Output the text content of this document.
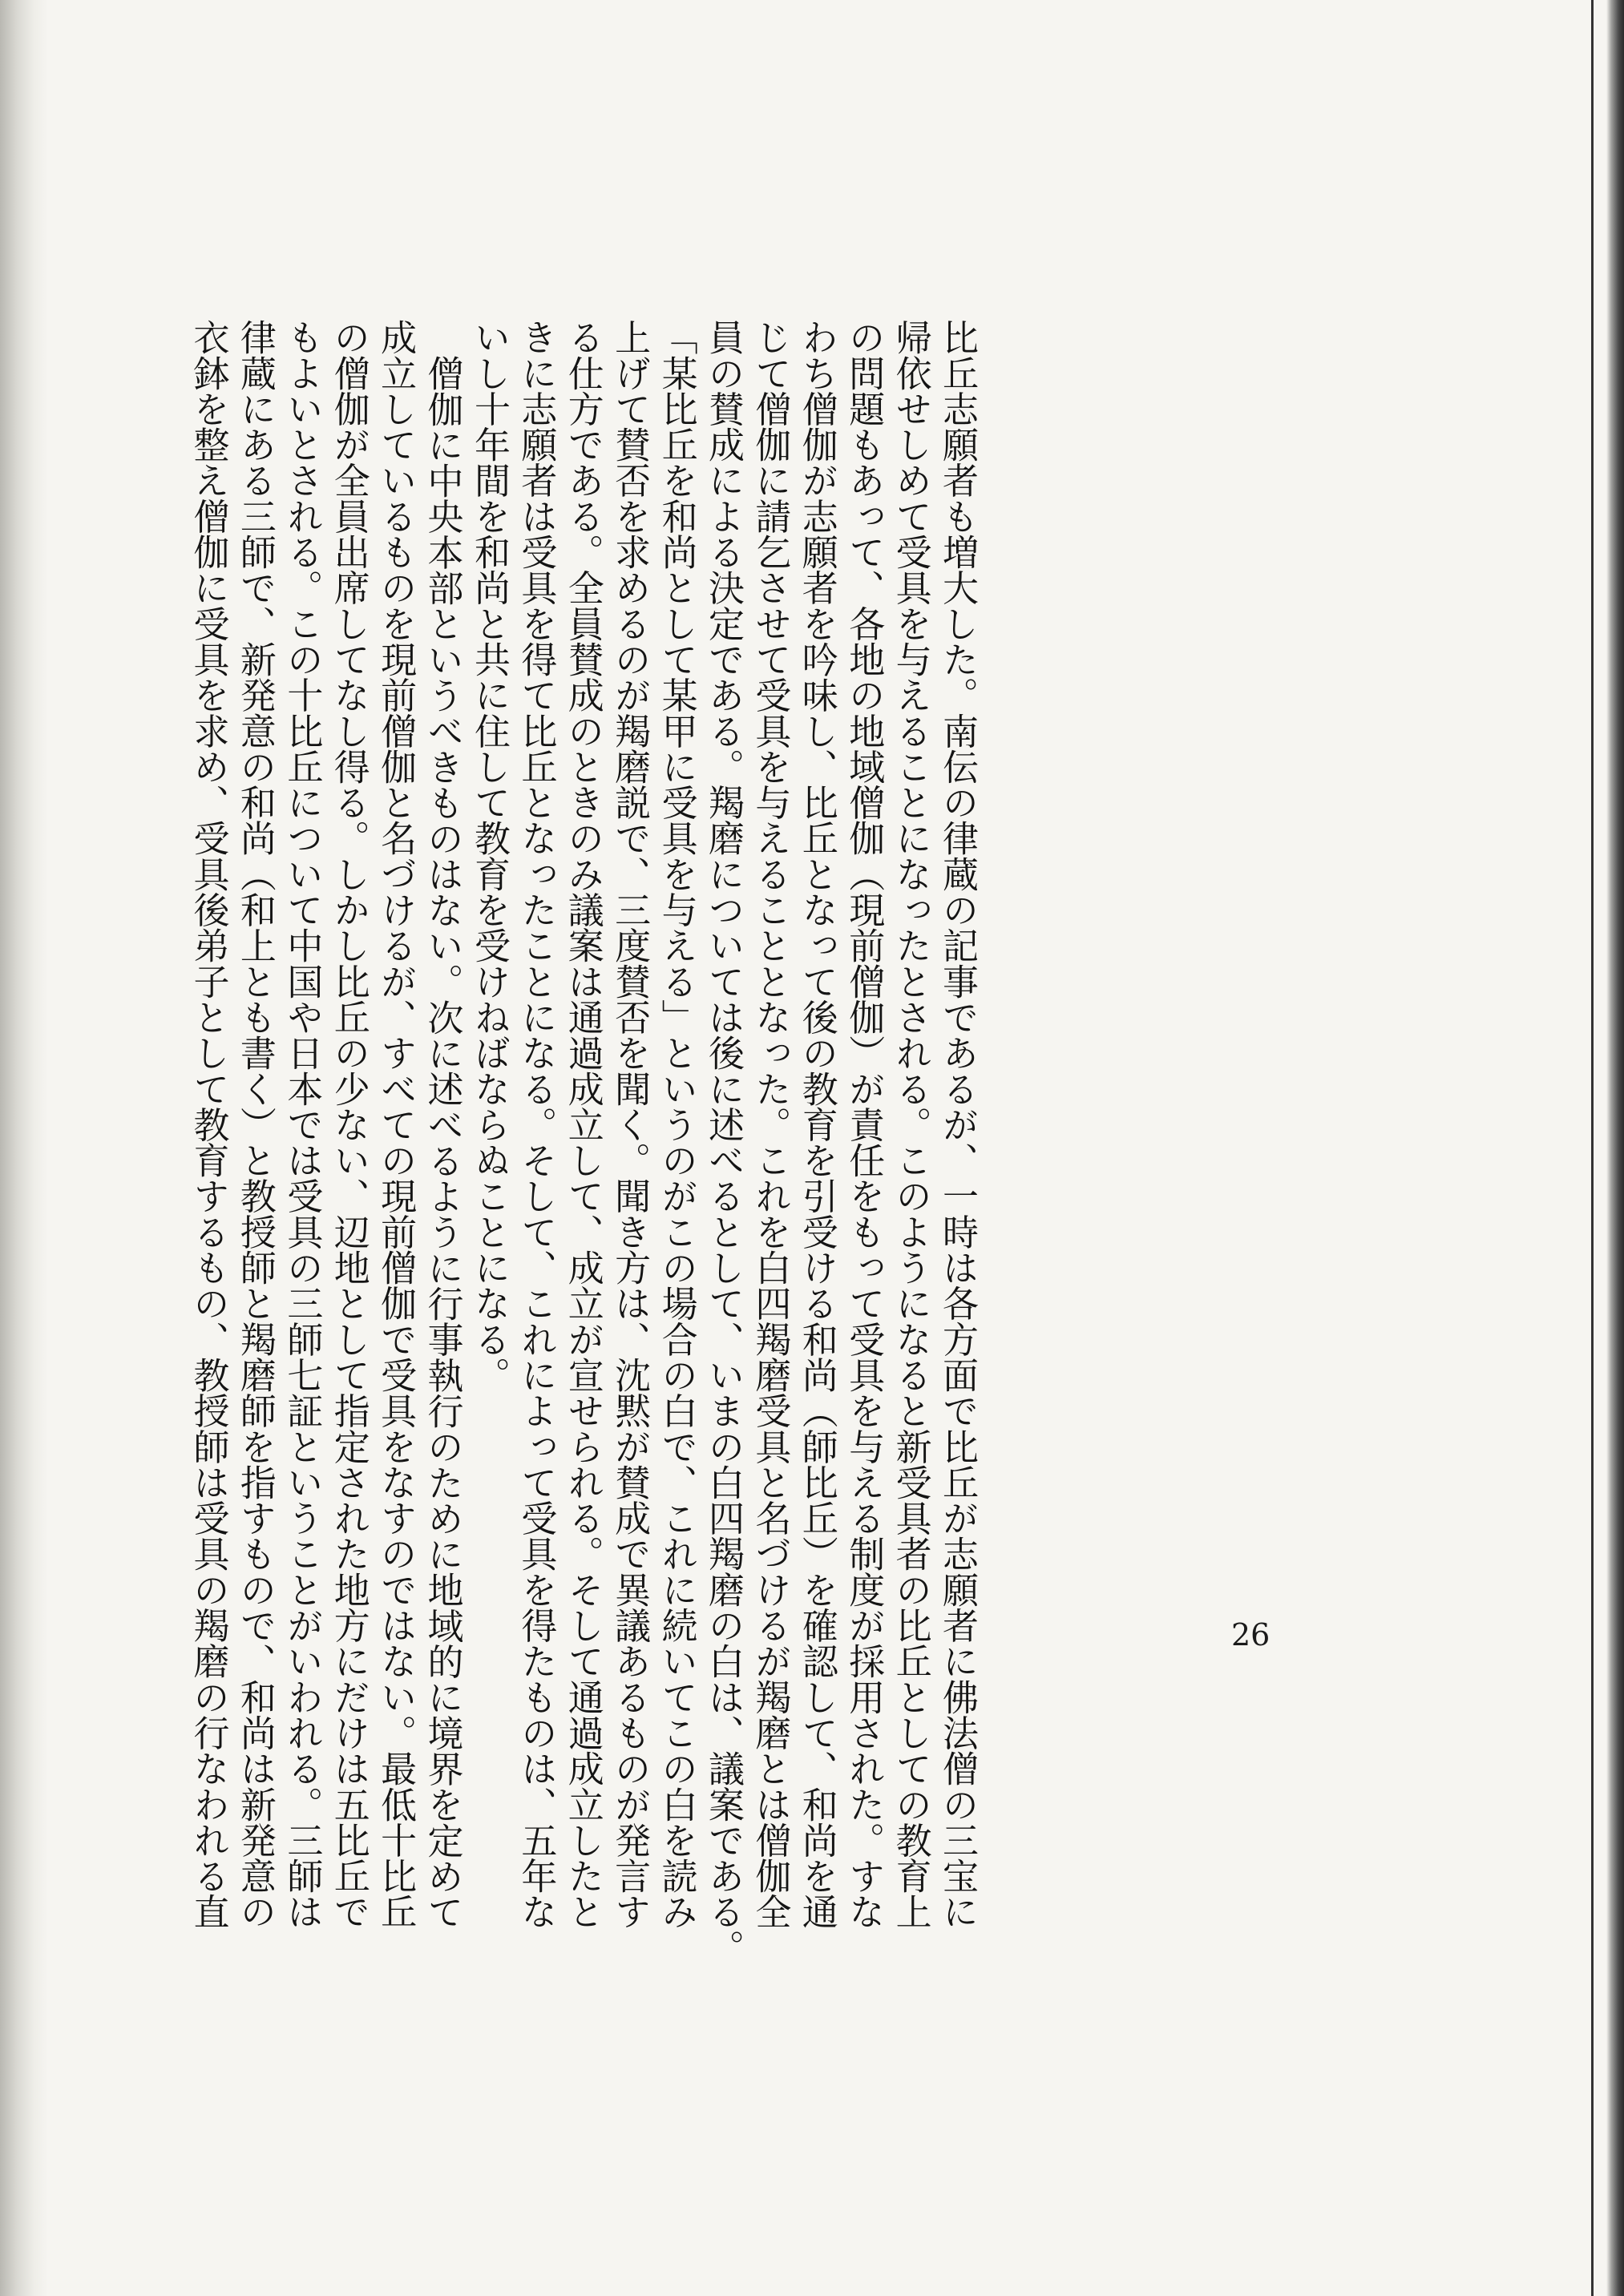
比丘志願者も増大した。南伝の律蔵の記事であるが、一時は各方面で比丘が志願者に佛法僧の三宝に
帰依せしめて受具を与えることになったとされる。このようになると新受具者の比丘としての教育上
の問題もあって、各地の地域僧伽（現前僧伽）が責任をもって受具を与える制度が採用された。すな
わち僧伽が志願者を吟味し、比丘となって後の教育を引受ける和尚（師比丘）を確認して、和尚を通
じて僧伽に請乞させて受具を与えることとなった。これを白四羯磨受具と名づけるが羯磨とは僧伽全
員の賛成による決定である。羯磨については後に述べるとして、いまの白四羯磨の白は、議案である。
「某比丘を和尚として某甲に受具を与える」というのがこの場合の白で、これに続いてこの白を読み
上げて賛否を求めるのが羯磨説で、三度賛否を聞く。聞き方は、沈黙が賛成で異議あるものが発言す
る仕方である。全員賛成のときのみ議案は通過成立して、成立が宣せられる。そして通過成立したと
きに志願者は受具を得て比丘となったことになる。そして、これによって受具を得たものは、五年な
いし十年間を和尚と共に住して教育を受けねばならぬことになる。
僧伽に中央本部というべきものはない。次に述べるように行事執行のために地域的に境界を定めて
成立しているものを現前僧伽と名づけるが、すべての現前僧伽で受具をなすのではない。最低十比丘
の僧伽が全員出席してなし得る。しかし比丘の少ない、辺地として指定された地方にだけは五比丘で
もよいとされる。この十比丘について中国や日本では受具の三師七証ということがいわれる。三師は
律蔵にある三師で、新発意の和尚（和上とも書く）と教授師と羯磨師を指すもので、和尚は新発意の
衣鉢を整え僧伽に受具を求め、受具後弟子として教育するもの、教授師は受具の羯磨の行なわれる直	26
